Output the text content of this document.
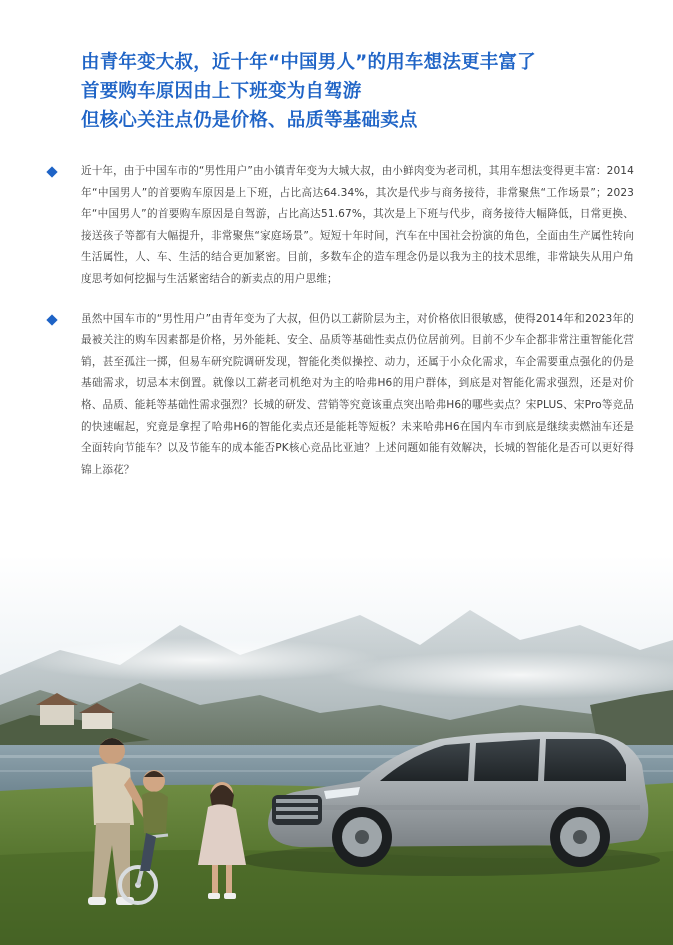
由青年变大叔，近十年“中国男人”的用车想法更丰富了
首要购车原因由上下班变为自驾游
但核心关注点仍是价格、品质等基础卖点
近十年，由于中国车市的“男性用户”由小镇青年变为大城大叔，由小鲜肉变为老司机，其用车想法变得更丰富：2014年“中国男人”的首要购车原因是上下班，占比高达64.34%，其次是代步与商务接待，非常聚焦“工作场景”；2023年“中国男人”的首要购车原因是自驾游，占比高达51.67%，其次是上下班与代步，商务接待大幅降低，日常更换、接送孩子等都有大幅提升，非常聚焦“家庭场景”。短短十年时间，汽车在中国社会扮演的角色，全面由生产属性转向生活属性，人、车、生活的结合更加紧密。目前，多数车企的造车理念仍是以我为主的技术思维，非常缺失从用户角度思考如何挖掘与生活紧密结合的新卖点的用户思维；
虽然中国车市的“男性用户”由青年变为了大叔，但仍以工薪阶层为主，对价格依旧很敏感，使得2014年和2023年的最被关注的购车因素都是价格，另外能耗、安全、品质等基础性卖点仍位居前列。目前不少车企都非常注重智能化营销，甚至孤注一掷，但易车研究院调研发现，智能化类似操控、动力，还属于小众化需求，车企需要重点强化的仍是基础需求，切忌本末倒置。就像以工薪老司机绝对为主的哈弗H6的用户群体，到底是对智能化需求强烈，还是对价格、品质、能耗等基础性需求强烈？长城的研发、营销等究竟该重点突出哈弗H6的哪些卖点？宋PLUS、宋Pro等竞品的快速崛起，究竟是拿捏了哈弗H6的智能化卖点还是能耗等短板？未来哈弗H6在国内车市到底是继续卖燃油车还是全面转向节能车？以及节能车的成本能否PK核心竞品比亚迪？上述问题如能有效解决，长城的智能化是否可以更好得锦上添花？
